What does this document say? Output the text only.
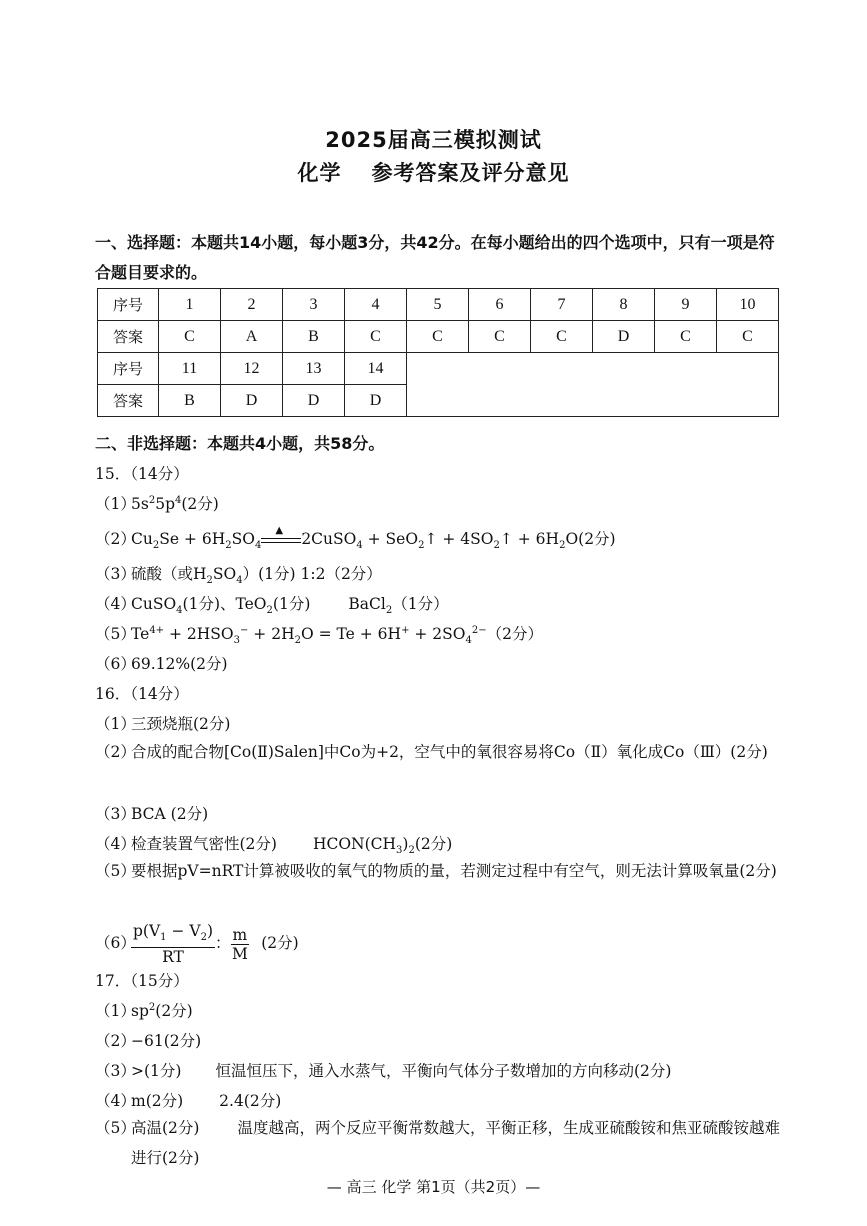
2025届高三模拟测试
化学 参考答案及评分意见
一、选择题：本题共14小题，每小题3分，共42分。在每小题给出的四个选项中，只有一项是符合题目要求的。
序号	1	2	3	4	5	6	7	8	9	10
答案	C	A	B	C	C	C	C	D	C	C
序号	11	12	13	14						
答案	B	D	D	D						
二、非选择题：本题共4小题，共58分。
15．（14分）
$(1)5s^25p^4(2$分)
$(2)Cu_2Se + 6H_2SO_4$
▲ 2CuSO$_4$ + SeO$_2$↑ + $4SO_2↑ + 6H_2O(2$分)
（3）硫酸（或$H_2SO_4)(1$分) 1:2（2分）
（4）CuSO$_4$(1分)、TeO$_2$(1分) BaCl$_2$（1分）
$(5)Te^{4+} + 2HSO_3^- + 2H_2O = Te + 6H^+ + 2SO_4^{2-}(2$分）
（6）69.12%(2分)
16．（14分）
（1）三颈烧瓶(2分)
（2）合成的配合物[Co(Ⅱ)Salen]中Co为+2，空气中的氧很容易将Co（Ⅱ）氧化成Co（Ⅲ）(2分)
（3）BCA (2分)
（4）检查装置气密性(2分) $HCON(CH_3)_2(2$分)
（5）要根据pV=nRT计算被吸收的氧气的物质的量，若测定过程中有空气，则无法计算吸氧量(2分)
（6）
$\frac{p(V_1 - V_2)}{RT}$ ： $\frac{m}{M} (2$分)
17．（15分）
$(1)sp^2(2$分)
（2）−61(2分)
（3）>(1分) 恒温恒压下，通入水蒸气，平衡向气体分子数增加的方向移动(2分)
（4）m(2分) 2.4(2分)
（5）高温(2分) 温度越高，两个反应平衡常数越大，平衡正移，生成亚硫酸铵和焦亚硫酸铵越难进行(2分)
— 高三 化学 第1页（共2页）—
